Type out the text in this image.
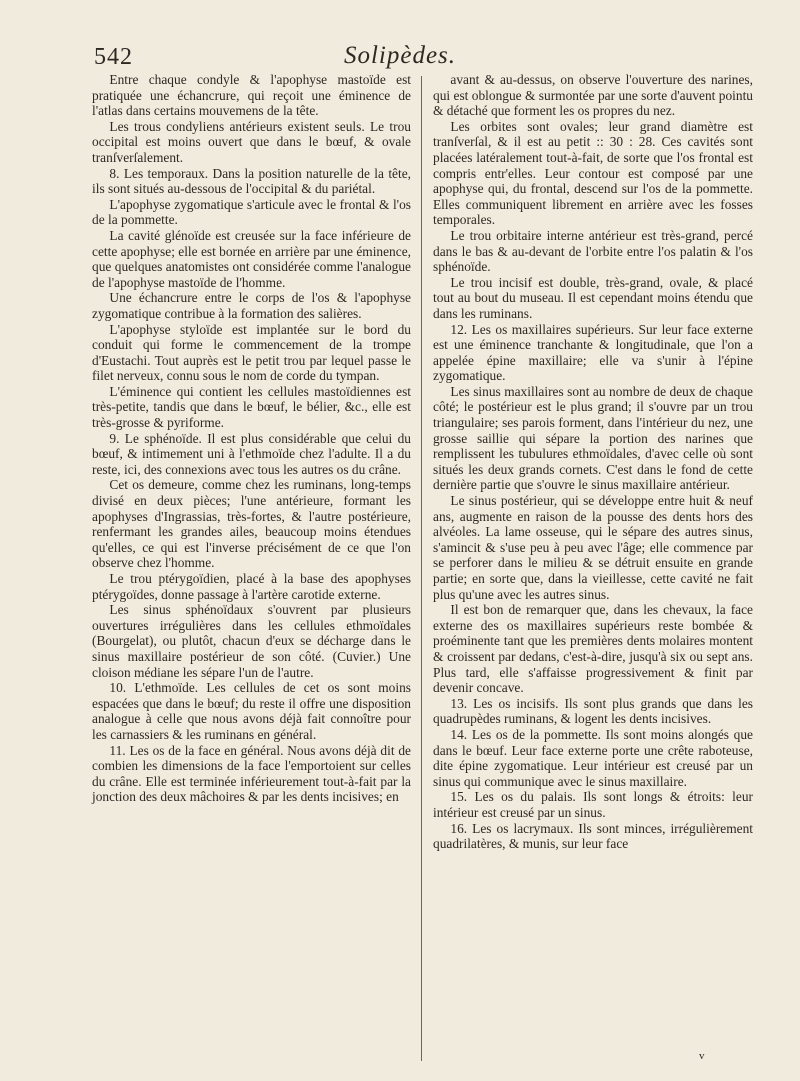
542	Solipèdes.

Entre chaque condyle & l'apophyse mastoïde est pratiquée une échancrure, qui reçoit une éminence de l'atlas dans certains mouvemens de la tête.

Les trous condyliens antérieurs existent seuls. Le trou occipital est moins ouvert que dans le bœuf, & ovale tranſverſalement.

8. Les temporaux. Dans la position naturelle de la tête, ils sont situés au-dessous de l'occipital & du pariétal.

L'apophyse zygomatique s'articule avec le frontal & l'os de la pommette.

La cavité glénoïde est creusée sur la face inférieure de cette apophyse; elle est bornée en arrière par une éminence, que quelques anatomistes ont considérée comme l'analogue de l'apophyse mastoïde de l'homme.

Une échancrure entre le corps de l'os & l'apophyse zygomatique contribue à la formation des salières.

L'apophyse styloïde est implantée sur le bord du conduit qui forme le commencement de la trompe d'Eustachi. Tout auprès est le petit trou par lequel passe le filet nerveux, connu sous le nom de corde du tympan.

L'éminence qui contient les cellules mastoïdiennes est très-petite, tandis que dans le bœuf, le bélier, &c., elle est très-grosse & pyriforme.

9. Le sphénoïde. Il est plus considérable que celui du bœuf, & intimement uni à l'ethmoïde chez l'adulte. Il a du reste, ici, des connexions avec tous les autres os du crâne.

Cet os demeure, comme chez les ruminans, long-temps divisé en deux pièces; l'une antérieure, formant les apophyses d'Ingrassias, très-fortes, & l'autre postérieure, renfermant les grandes ailes, beaucoup moins étendues qu'elles, ce qui est l'inverse précisément de ce que l'on observe chez l'homme.

Le trou ptérygoïdien, placé à la base des apophyses ptérygoïdes, donne passage à l'artère carotide externe.

Les sinus sphénoïdaux s'ouvrent par plusieurs ouvertures irrégulières dans les cellules ethmoïdales (Bourgelat), ou plutôt, chacun d'eux se décharge dans le sinus maxillaire postérieur de son côté. (Cuvier.) Une cloison médiane les sépare l'un de l'autre.

10. L'ethmoïde. Les cellules de cet os sont moins espacées que dans le bœuf; du reste il offre une disposition analogue à celle que nous avons déjà fait connoître pour les carnassiers & les ruminans en général.

11. Les os de la face en général. Nous avons déjà dit de combien les dimensions de la face l'emportoient sur celles du crâne. Elle est terminée inférieurement tout-à-fait par la jonction des deux mâchoires & par les dents incisives; en

avant & au-dessus, on observe l'ouverture des narines, qui est oblongue & surmontée par une sorte d'auvent pointu & détaché que forment les os propres du nez.

Les orbites sont ovales; leur grand diamètre est tranſverſal, & il est au petit :: 30 : 28. Ces cavités sont placées latéralement tout-à-fait, de sorte que l'os frontal est compris entr'elles. Leur contour est composé par une apophyse qui, du frontal, descend sur l'os de la pommette. Elles communiquent librement en arrière avec les fosses temporales.

Le trou orbitaire interne antérieur est très-grand, percé dans le bas & au-devant de l'orbite entre l'os palatin & l'os sphénoïde.

Le trou incisif est double, très-grand, ovale, & placé tout au bout du museau. Il est cependant moins étendu que dans les ruminans.

12. Les os maxillaires supérieurs. Sur leur face externe est une éminence tranchante & longitudinale, que l'on a appelée épine maxillaire; elle va s'unir à l'épine zygomatique.

Les sinus maxillaires sont au nombre de deux de chaque côté; le postérieur est le plus grand; il s'ouvre par un trou triangulaire; ses parois forment, dans l'intérieur du nez, une grosse saillie qui sépare la portion des narines que remplissent les tubulures ethmoïdales, d'avec celle où sont situés les deux grands cornets. C'est dans le fond de cette dernière partie que s'ouvre le sinus maxillaire antérieur.

Le sinus postérieur, qui se développe entre huit & neuf ans, augmente en raison de la pousse des dents hors des alvéoles. La lame osseuse, qui le sépare des autres sinus, s'amincit & s'use peu à peu avec l'âge; elle commence par se perforer dans le milieu & se détruit ensuite en grande partie; en sorte que, dans la vieillesse, cette cavité ne fait plus qu'une avec les autres sinus.

Il est bon de remarquer que, dans les chevaux, la face externe des os maxillaires supérieurs reste bombée & proéminente tant que les premières dents molaires montent & croissent par dedans, c'est-à-dire, jusqu'à six ou sept ans. Plus tard, elle s'affaisse progressivement & finit par devenir concave.

13. Les os incisifs. Ils sont plus grands que dans les quadrupèdes ruminans, & logent les dents incisives.

14. Les os de la pommette. Ils sont moins alongés que dans le bœuf. Leur face externe porte une crête raboteuse, dite épine zygomatique. Leur intérieur est creusé par un sinus qui communique avec le sinus maxillaire.

15. Les os du palais. Ils sont longs & étroits: leur intérieur est creusé par un sinus.

16. Les os lacrymaux. Ils sont minces, irrégulièrement quadrilatères, & munis, sur leur face

v
